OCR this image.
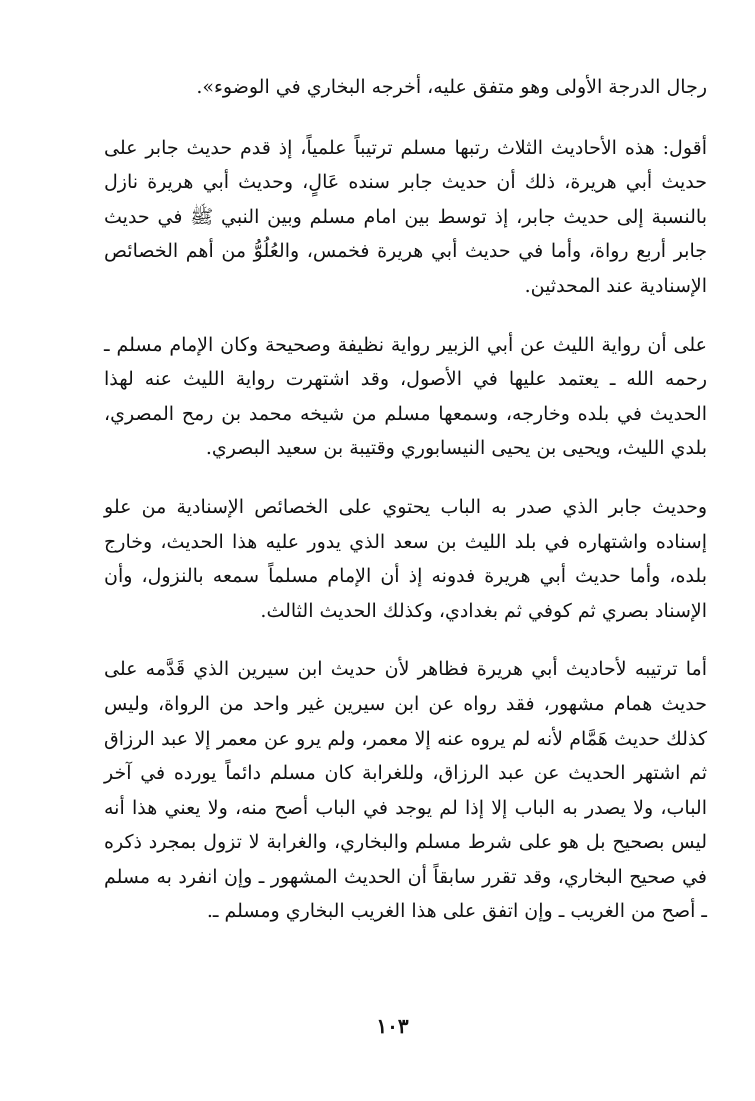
رجال الدرجة الأولى وهو متفق عليه، أخرجه البخاري في الوضوء».

أقول: هذه الأحاديث الثلاث رتبها مسلم ترتيباً علمياً، إذ قدم حديث جابر على حديث أبي هريرة، ذلك أن حديث جابر سنده عَالٍ، وحديث أبي هريرة نازل بالنسبة إلى حديث جابر، إذ توسط بين امام مسلم وبين النبي ﷺ في حديث جابر أربع رواة، وأما في حديث أبي هريرة فخمس، والعُلُوُّ من أهم الخصائص الإسنادية عند المحدثين.

على أن رواية الليث عن أبي الزبير رواية نظيفة وصحيحة وكان الإمام مسلم ـ رحمه الله ـ يعتمد عليها في الأصول، وقد اشتهرت رواية الليث عنه لهذا الحديث في بلده وخارجه، وسمعها مسلم من شيخه محمد بن رمح المصري، بلدي الليث، ويحيى بن يحيى النيسابوري وقتيبة بن سعيد البصري.

وحديث جابر الذي صدر به الباب يحتوي على الخصائص الإسنادية من علو إسناده واشتهاره في بلد الليث بن سعد الذي يدور عليه هذا الحديث، وخارج بلده، وأما حديث أبي هريرة فدونه إذ أن الإمام مسلماً سمعه بالنزول، وأن الإسناد بصري ثم كوفي ثم بغدادي، وكذلك الحديث الثالث.

أما ترتيبه لأحاديث أبي هريرة فظاهر لأن حديث ابن سيرين الذي قَدَّمه على حديث همام مشهور، فقد رواه عن ابن سيرين غير واحد من الرواة، وليس كذلك حديث هَمَّام لأنه لم يروه عنه إلا معمر، ولم يرو عن معمر إلا عبد الرزاق ثم اشتهر الحديث عن عبد الرزاق، وللغرابة كان مسلم دائماً يورده في آخر الباب، ولا يصدر به الباب إلا إذا لم يوجد في الباب أصح منه، ولا يعني هذا أنه ليس بصحيح بل هو على شرط مسلم والبخاري، والغرابة لا تزول بمجرد ذكره في صحيح البخاري، وقد تقرر سابقاً أن الحديث المشهور ـ وإن انفرد به مسلم ـ أصح من الغريب ـ وإن اتفق على هذا الغريب البخاري ومسلم ـ.

١٠٣
